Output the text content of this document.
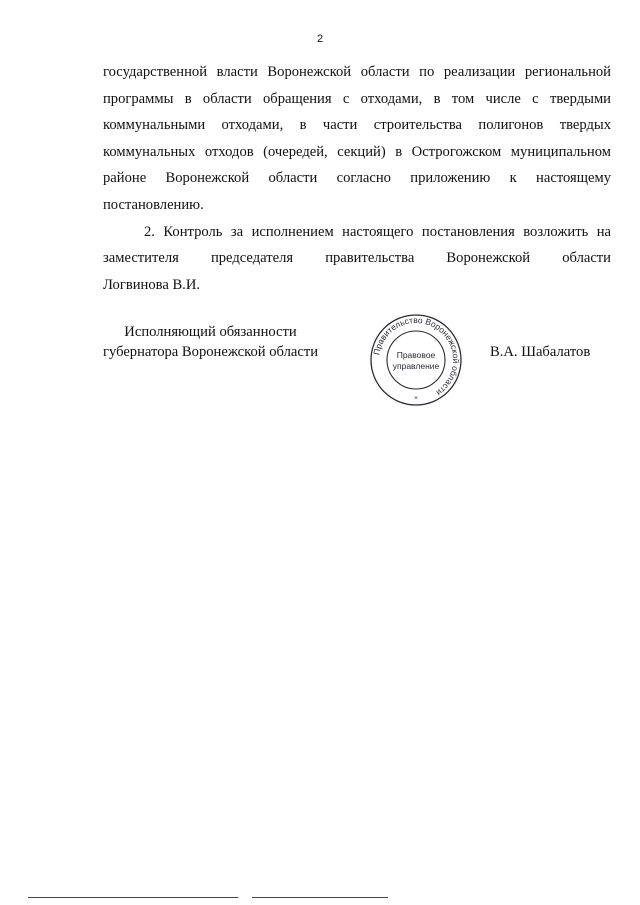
2
государственной власти Воронежской области по реализации региональной
программы в области обращения с отходами, в том числе с твердыми
коммунальными отходами, в части строительства полигонов твердых
коммунальных отходов (очередей, секций) в Острогожском муниципальном
районе Воронежской области согласно приложению к настоящему
постановлению.
2. Контроль за исполнением настоящего постановления возложить на
заместителя председателя правительства Воронежской области
Логвинова В.И.
Исполняющий обязанности
губернатора Воронежской области	Правительство Воронежской области
Правовое
управление
*
В.А. Шабалатов
